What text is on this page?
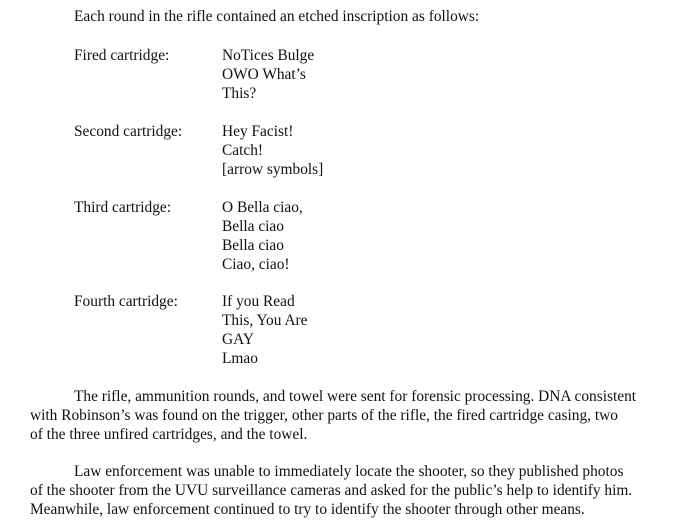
Each round in the rifle contained an etched inscription as follows:
Fired cartridge:	NoTices Bulge
OWO What’s
This?
Second cartridge:	Hey Facist!
Catch!
[arrow symbols]
Third cartridge:	O Bella ciao,
Bella ciao
Bella ciao
Ciao, ciao!
Fourth cartridge:	If you Read
This, You Are
GAY
Lmao
The rifle, ammunition rounds, and towel were sent for forensic processing. DNA consistent
with Robinson’s was found on the trigger, other parts of the rifle, the fired cartridge casing, two
of the three unfired cartridges, and the towel.
Law enforcement was unable to immediately locate the shooter, so they published photos
of the shooter from the UVU surveillance cameras and asked for the public’s help to identify him.
Meanwhile, law enforcement continued to try to identify the shooter through other means.
